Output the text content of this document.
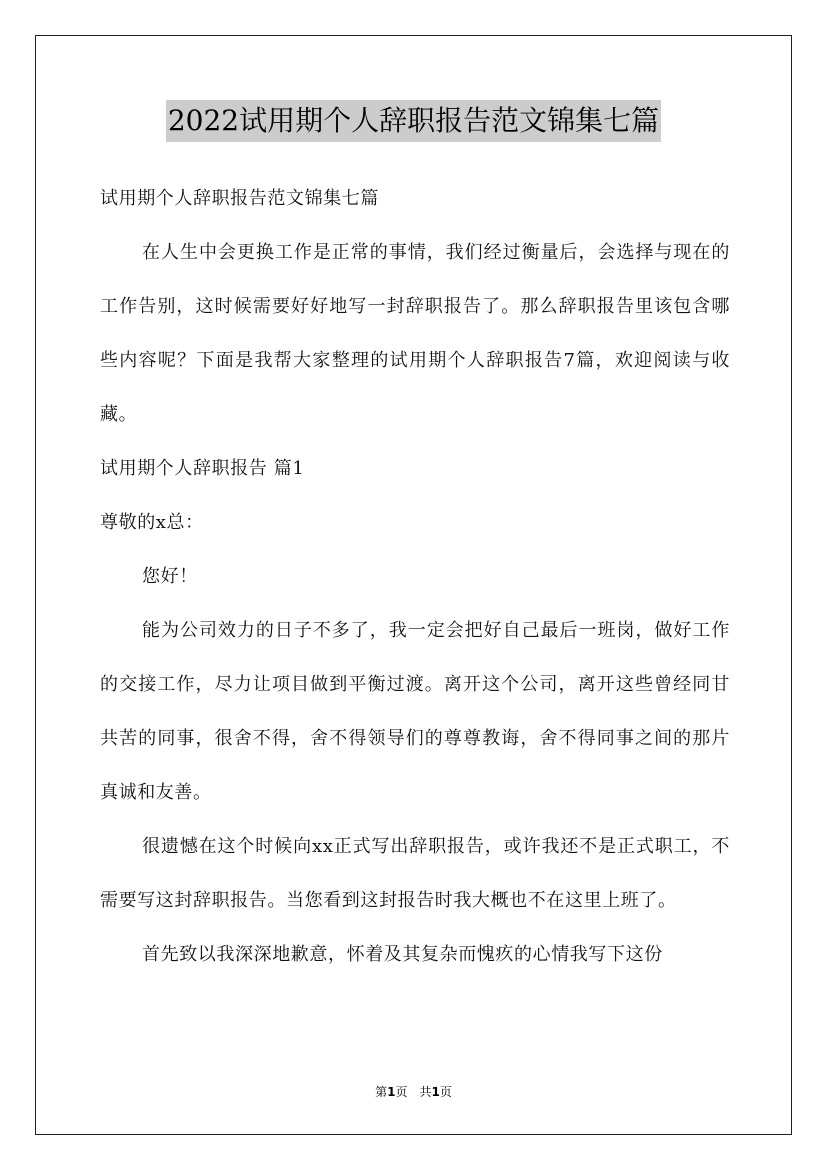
2022试用期个人辞职报告范文锦集七篇

试用期个人辞职报告范文锦集七篇

在人生中会更换工作是正常的事情，我们经过衡量后，会选择与现在的工作告别，这时候需要好好地写一封辞职报告了。那么辞职报告里该包含哪些内容呢？下面是我帮大家整理的试用期个人辞职报告7篇，欢迎阅读与收藏。

试用期个人辞职报告 篇1

尊敬的x总：

您好！

能为公司效力的日子不多了，我一定会把好自己最后一班岗，做好工作的交接工作，尽力让项目做到平衡过渡。离开这个公司，离开这些曾经同甘共苦的同事，很舍不得，舍不得领导们的尊尊教诲，舍不得同事之间的那片真诚和友善。

很遗憾在这个时候向xx正式写出辞职报告，或许我还不是正式职工，不需要写这封辞职报告。当您看到这封报告时我大概也不在这里上班了。

首先致以我深深地歉意，怀着及其复杂而愧疚的心情我写下这份

第1页　共1页
